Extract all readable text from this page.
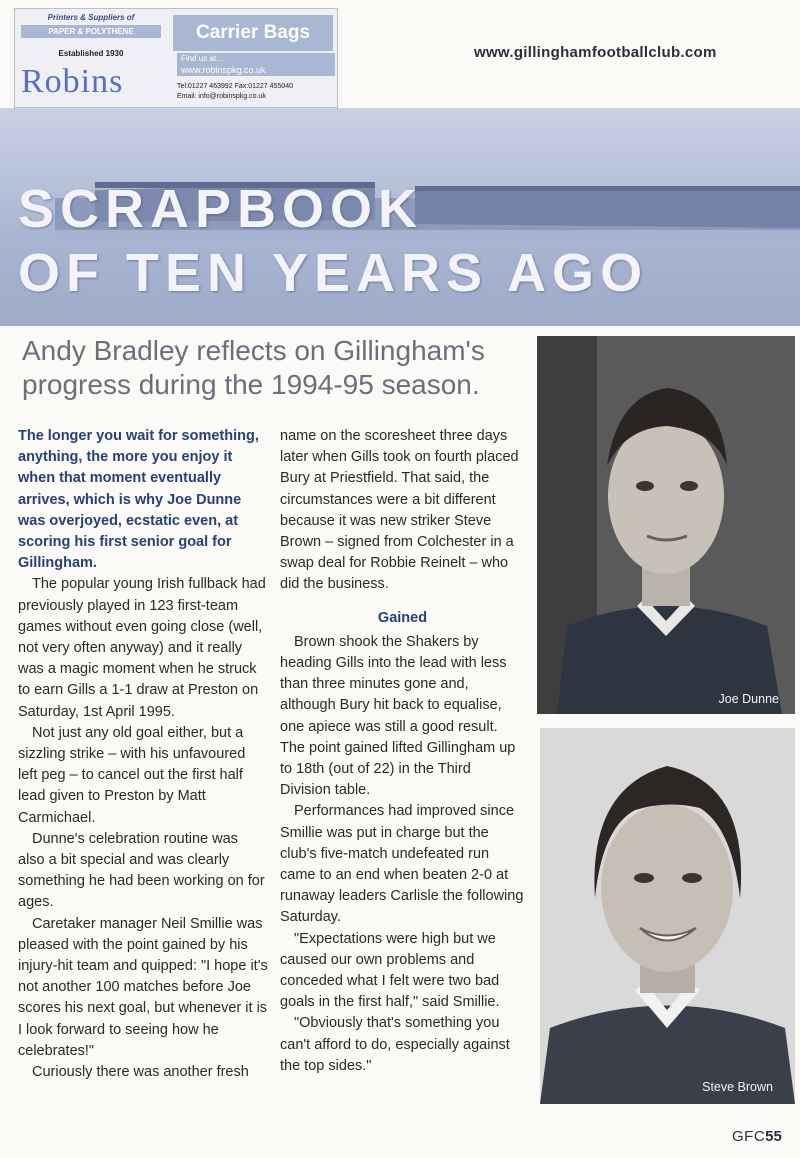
Printers & Suppliers of
PAPER & POLYTHENE
Established 1930
Robins
Carrier Bags
Find us at...
www.robinspkg.co.uk
Tel:01227 463992 Fax:01227 455040
Email: info@robinspkg.co.uk
www.gillinghamfootballclub.com
SCRAPBOOK
OF TEN YEARS AGO
Andy Bradley reflects on Gillingham's progress during the 1994-95 season.

The longer you wait for something, anything, the more you enjoy it when that moment eventually arrives, which is why Joe Dunne was overjoyed, ecstatic even, at scoring his first senior goal for Gillingham.

The popular young Irish fullback had previously played in 123 first-team games without even going close (well, not very often anyway) and it really was a magic moment when he struck to earn Gills a 1-1 draw at Preston on Saturday, 1st April 1995.

Not just any old goal either, but a sizzling strike – with his unfavoured left peg – to cancel out the first half lead given to Preston by Matt Carmichael.

Dunne's celebration routine was also a bit special and was clearly something he had been working on for ages.

Caretaker manager Neil Smillie was pleased with the point gained by his injury-hit team and quipped: "I hope it's not another 100 matches before Joe scores his next goal, but whenever it is I look forward to seeing how he celebrates!"

Curiously there was another fresh

name on the scoresheet three days later when Gills took on fourth placed Bury at Priestfield. That said, the circumstances were a bit different because it was new striker Steve Brown – signed from Colchester in a swap deal for Robbie Reinelt – who did the business.

Gained

Brown shook the Shakers by heading Gills into the lead with less than three minutes gone and, although Bury hit back to equalise, one apiece was still a good result. The point gained lifted Gillingham up to 18th (out of 22) in the Third Division table.

Performances had improved since Smillie was put in charge but the club's five-match undefeated run came to an end when beaten 2-0 at runaway leaders Carlisle the following Saturday.

"Expectations were high but we caused our own problems and conceded what I felt were two bad goals in the first half," said Smillie.

"Obviously that's something you can't afford to do, especially against the top sides."

Joe Dunne
Steve Brown
GFC55
